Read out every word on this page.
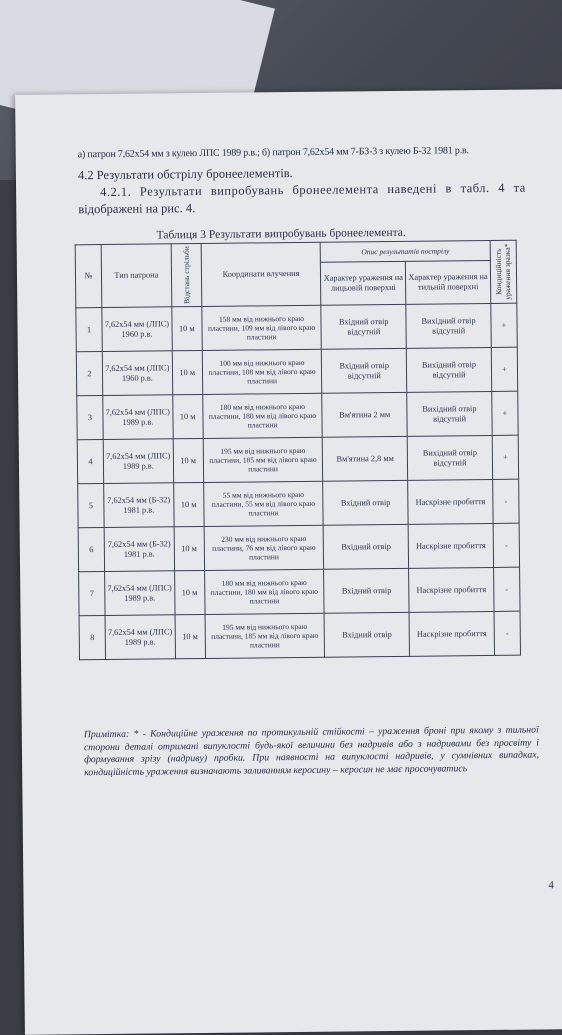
а) патрон 7,62х54 мм з кулею ЛПС 1989 р.в.; б) патрон 7,62х54 мм 7-БЗ-3 з кулею Б-32 1981 р.в.
4.2 Результати обстрілу бронеелементів.
4.2.1. Результати випробувань бронеелемента наведені в табл. 4 та
відображені на рис. 4.
Таблиця 3 Результати випробувань бронеелемента.
№	Тип патрона	Відстань стрільби	Координати влучення	Опис результатів пострілу		Кондиційність ураження зразка*

				Характер ураження на лицьовій поверхні	Характер ураження на тильній поверхні	
1	7,62х54 мм (ЛПС) 1960 р.в.	10 м	158 мм від нижнього краю пластини, 109 мм від лівого краю пластини	Вхідний отвір відсутній	Вихідний отвір відсутній	+
2	7,62х54 мм (ЛПС) 1960 р.в.	10 м	100 мм від нижнього краю пластини, 108 мм від лівого краю пластини	Вхідний отвір відсутній	Вихідний отвір відсутній	+
3	7,62х54 мм (ЛПС) 1989 р.в.	10 м	180 мм від нижнього краю пластини, 180 мм від лівого краю пластини	Вм'ятина 2 мм	Вихідний отвір відсутній	+
4	7,62х54 мм (ЛПС) 1989 р.в.	10 м	195 мм від нижнього краю пластини, 185 мм від лівого краю пластини	Вм'ятина 2,8 мм	Вихідний отвір відсутній	+
5	7,62х54 мм (Б-32) 1981 р.в.	10 м	55 мм від нижнього краю пластини, 55 мм від лівого краю пластини	Вхідний отвір	Наскрізне пробиття	-
6	7,62х54 мм (Б-32) 1981 р.в.	10 м	230 мм від нижнього краю пластини, 76 мм від лівого краю пластини	Вхідний отвір	Наскрізне пробиття	-
7	7,62х54 мм (ЛПС) 1989 р.в.	10 м	180 мм від нижнього краю пластини, 180 мм від лівого краю пластини	Вхідний отвір	Наскрізне пробиття	-
8	7,62х54 мм (ЛПС) 1989 р.в.	10 м	195 мм від нижнього краю пластини, 185 мм від лівого краю пластини	Вхідний отвір	Наскрізне пробиття	-
Примітка: * - Кондиційне ураження по протикульній стійкості – ураження броні при якому з тильної сторони деталі отримані випуклості будь-якої величини без надривів або з надривами без просвіту і формування зрізу (надриву) пробки. При наявності на випуклості надривів, у сумнівних випадках, кондиційність ураження визначають заливанням керосину – керосин не має просочуватись
4
